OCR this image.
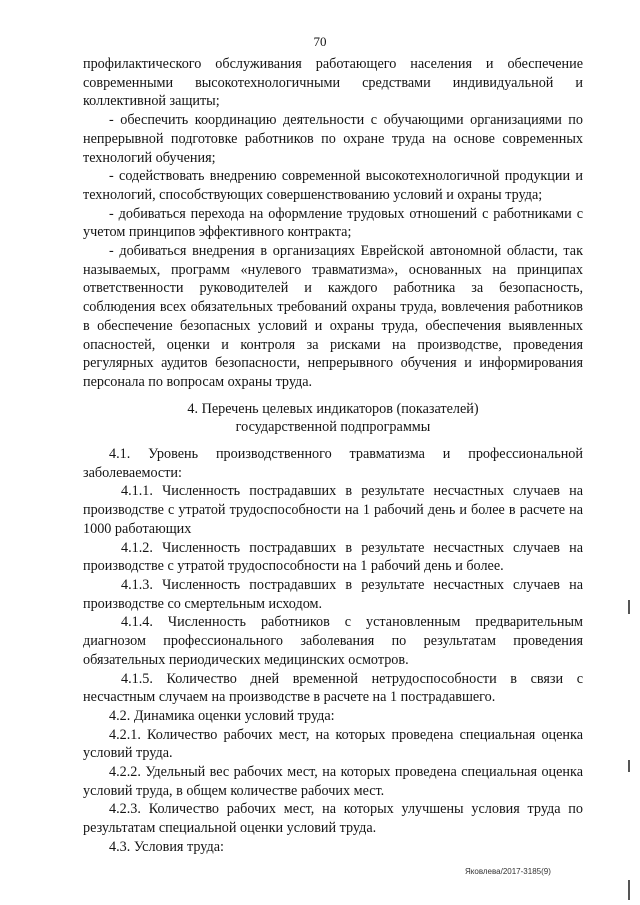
70

профилактического обслуживания работающего населения и обеспечение современными высокотехнологичными средствами индивидуальной и коллективной защиты;

- обеспечить координацию деятельности с обучающими организациями по непрерывной подготовке работников по охране труда на основе современных технологий обучения;

- содействовать внедрению современной высокотехнологичной продукции и технологий, способствующих совершенствованию условий и охраны труда;

- добиваться перехода на оформление трудовых отношений с работниками с учетом принципов эффективного контракта;

- добиваться внедрения в организациях Еврейской автономной области, так называемых, программ «нулевого травматизма», основанных на принципах ответственности руководителей и каждого работника за безопасность, соблюдения всех обязательных требований охраны труда, вовлечения работников в обеспечение безопасных условий и охраны труда, обеспечения выявленных опасностей, оценки и контроля за рисками на производстве, проведения регулярных аудитов безопасности, непрерывного обучения и информирования персонала по вопросам охраны труда.

4. Перечень целевых индикаторов (показателей)
государственной подпрограммы

4.1. Уровень производственного травматизма и профессиональной заболеваемости:

4.1.1. Численность пострадавших в результате несчастных случаев на производстве с утратой трудоспособности на 1 рабочий день и более в расчете на 1000 работающих

4.1.2. Численность пострадавших в результате несчастных случаев на производстве с утратой трудоспособности на 1 рабочий день и более.

4.1.3. Численность пострадавших в результате несчастных случаев на производстве со смертельным исходом.

4.1.4. Численность работников с установленным предварительным диагнозом профессионального заболевания по результатам проведения обязательных периодических медицинских осмотров.

4.1.5. Количество дней временной нетрудоспособности в связи с несчастным случаем на производстве в расчете на 1 пострадавшего.

4.2. Динамика оценки условий труда:

4.2.1. Количество рабочих мест, на которых проведена специальная оценка условий труда.

4.2.2. Удельный вес рабочих мест, на которых проведена специальная оценка условий труда, в общем количестве рабочих мест.

4.2.3. Количество рабочих мест, на которых улучшены условия труда по результатам специальной оценки условий труда.

4.3. Условия труда:

Яковлева/2017-3185(9)
